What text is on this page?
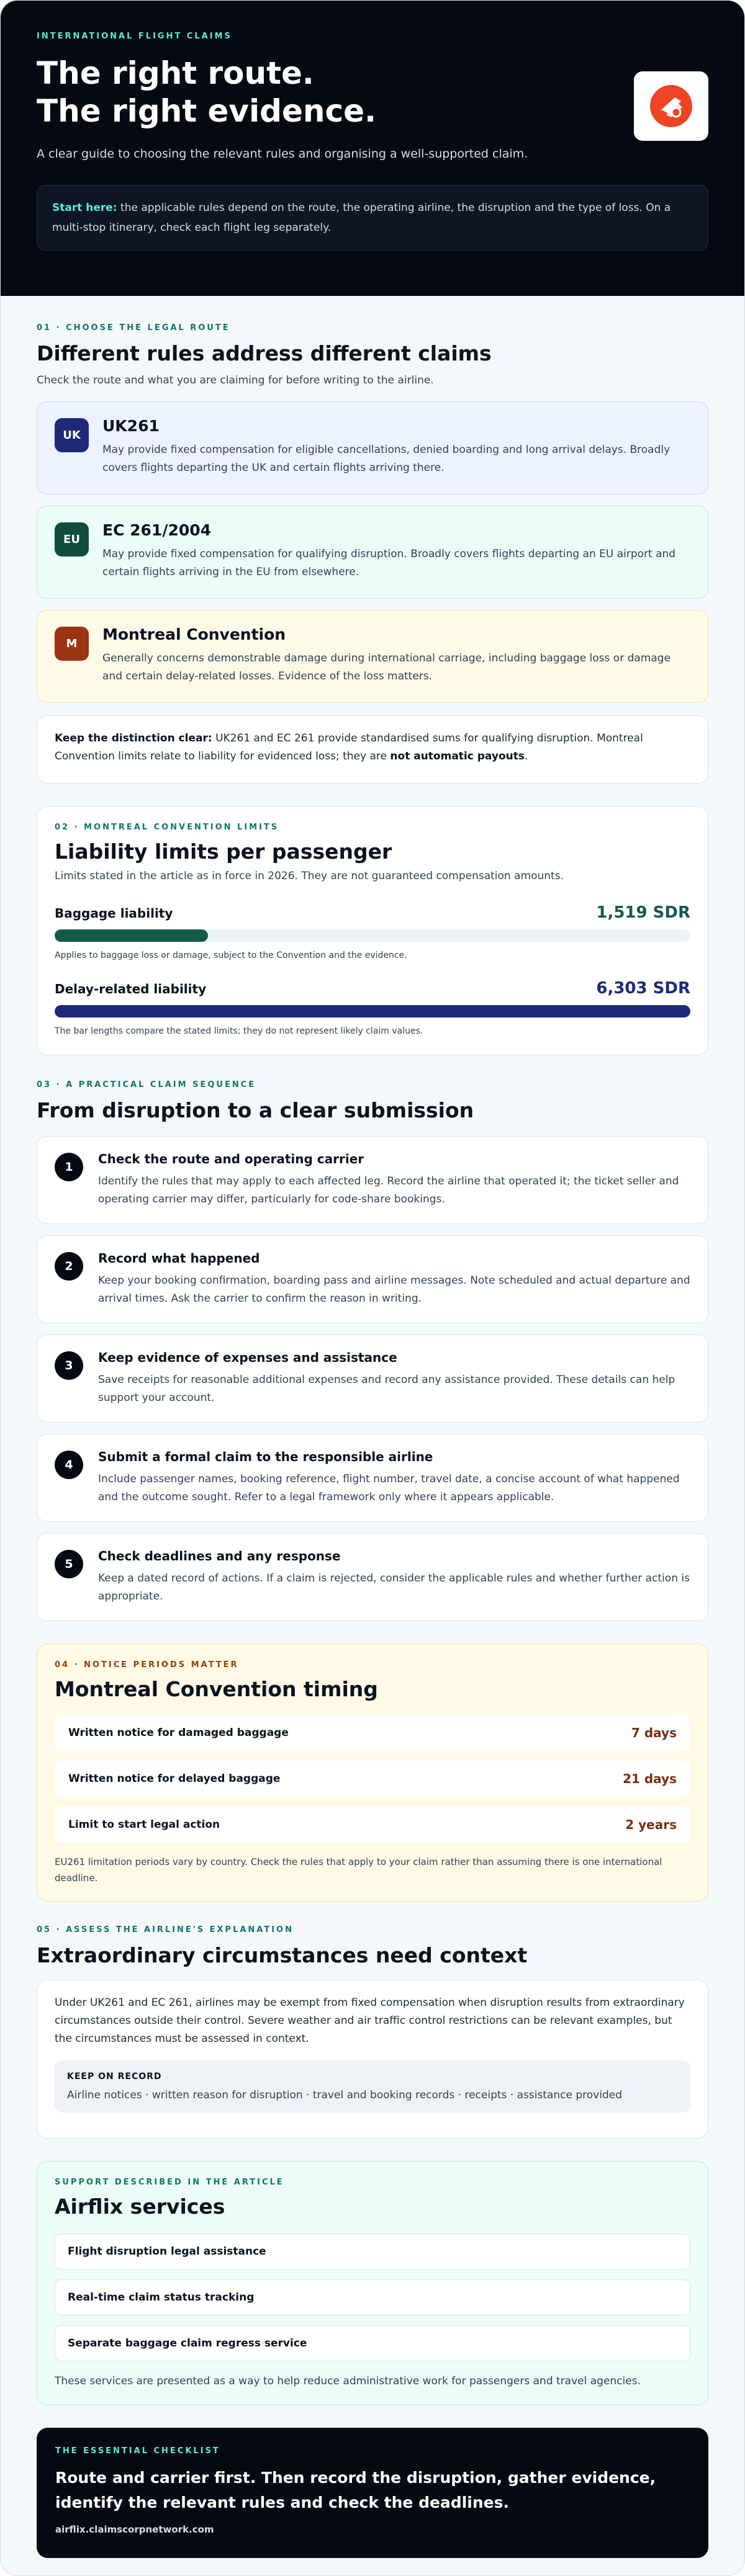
INTERNATIONAL FLIGHT CLAIMS
The right route.
The right evidence.

A clear guide to choosing the relevant rules and organising a well-supported claim.

Start here: the applicable rules depend on the route, the operating airline, the disruption and the type of loss. On a multi-stop itinerary, check each flight leg separately.
01 · CHOOSE THE LEGAL ROUTE
Different rules address different claims
Check the route and what you are claiming for before writing to the airline.
UK
UK261

May provide fixed compensation for eligible cancellations, denied boarding and long arrival delays. Broadly covers flights departing the UK and certain flights arriving there.

EU
EC 261/2004

May provide fixed compensation for qualifying disruption. Broadly covers flights departing an EU airport and certain flights arriving in the EU from elsewhere.

M
Montreal Convention

Generally concerns demonstrable damage during international carriage, including baggage loss or damage and certain delay-related losses. Evidence of the loss matters.

Keep the distinction clear: UK261 and EC 261 provide standardised sums for qualifying disruption. Montreal Convention limits relate to liability for evidenced loss; they are not automatic payouts.
02 · MONTREAL CONVENTION LIMITS
Liability limits per passenger
Limits stated in the article as in force in 2026. They are not guaranteed compensation amounts.
Baggage liability	1,519 SDR
Applies to baggage loss or damage, subject to the Convention and the evidence.
Delay-related liability	6,303 SDR
The bar lengths compare the stated limits; they do not represent likely claim values.
03 · A PRACTICAL CLAIM SEQUENCE
From disruption to a clear submission
1
Check the route and operating carrier

Identify the rules that may apply to each affected leg. Record the airline that operated it; the ticket seller and operating carrier may differ, particularly for code-share bookings.

2
Record what happened

Keep your booking confirmation, boarding pass and airline messages. Note scheduled and actual departure and arrival times. Ask the carrier to confirm the reason in writing.

3
Keep evidence of expenses and assistance

Save receipts for reasonable additional expenses and record any assistance provided. These details can help support your account.

4
Submit a formal claim to the responsible airline

Include passenger names, booking reference, flight number, travel date, a concise account of what happened and the outcome sought. Refer to a legal framework only where it appears applicable.

5
Check deadlines and any response

Keep a dated record of actions. If a claim is rejected, consider the applicable rules and whether further action is appropriate.

04 · NOTICE PERIODS MATTER
Montreal Convention timing
Written notice for damaged baggage	7 days
Written notice for delayed baggage	21 days
Limit to start legal action	2 years
EU261 limitation periods vary by country. Check the rules that apply to your claim rather than assuming there is one international deadline.
05 · ASSESS THE AIRLINE'S EXPLANATION
Extraordinary circumstances need context

Under UK261 and EC 261, airlines may be exempt from fixed compensation when disruption results from extraordinary circumstances outside their control. Severe weather and air traffic control restrictions can be relevant examples, but the circumstances must be assessed in context.

KEEP ON RECORD
Airline notices · written reason for disruption · travel and booking records · receipts · assistance provided
SUPPORT DESCRIBED IN THE ARTICLE
Airflix services
Flight disruption legal assistance
Real-time claim status tracking
Separate baggage claim regress service
These services are presented as a way to help reduce administrative work for passengers and travel agencies.
THE ESSENTIAL CHECKLIST
Route and carrier first. Then record the disruption, gather evidence, identify the relevant rules and check the deadlines.
airflix.claimscorpnetwork.com
